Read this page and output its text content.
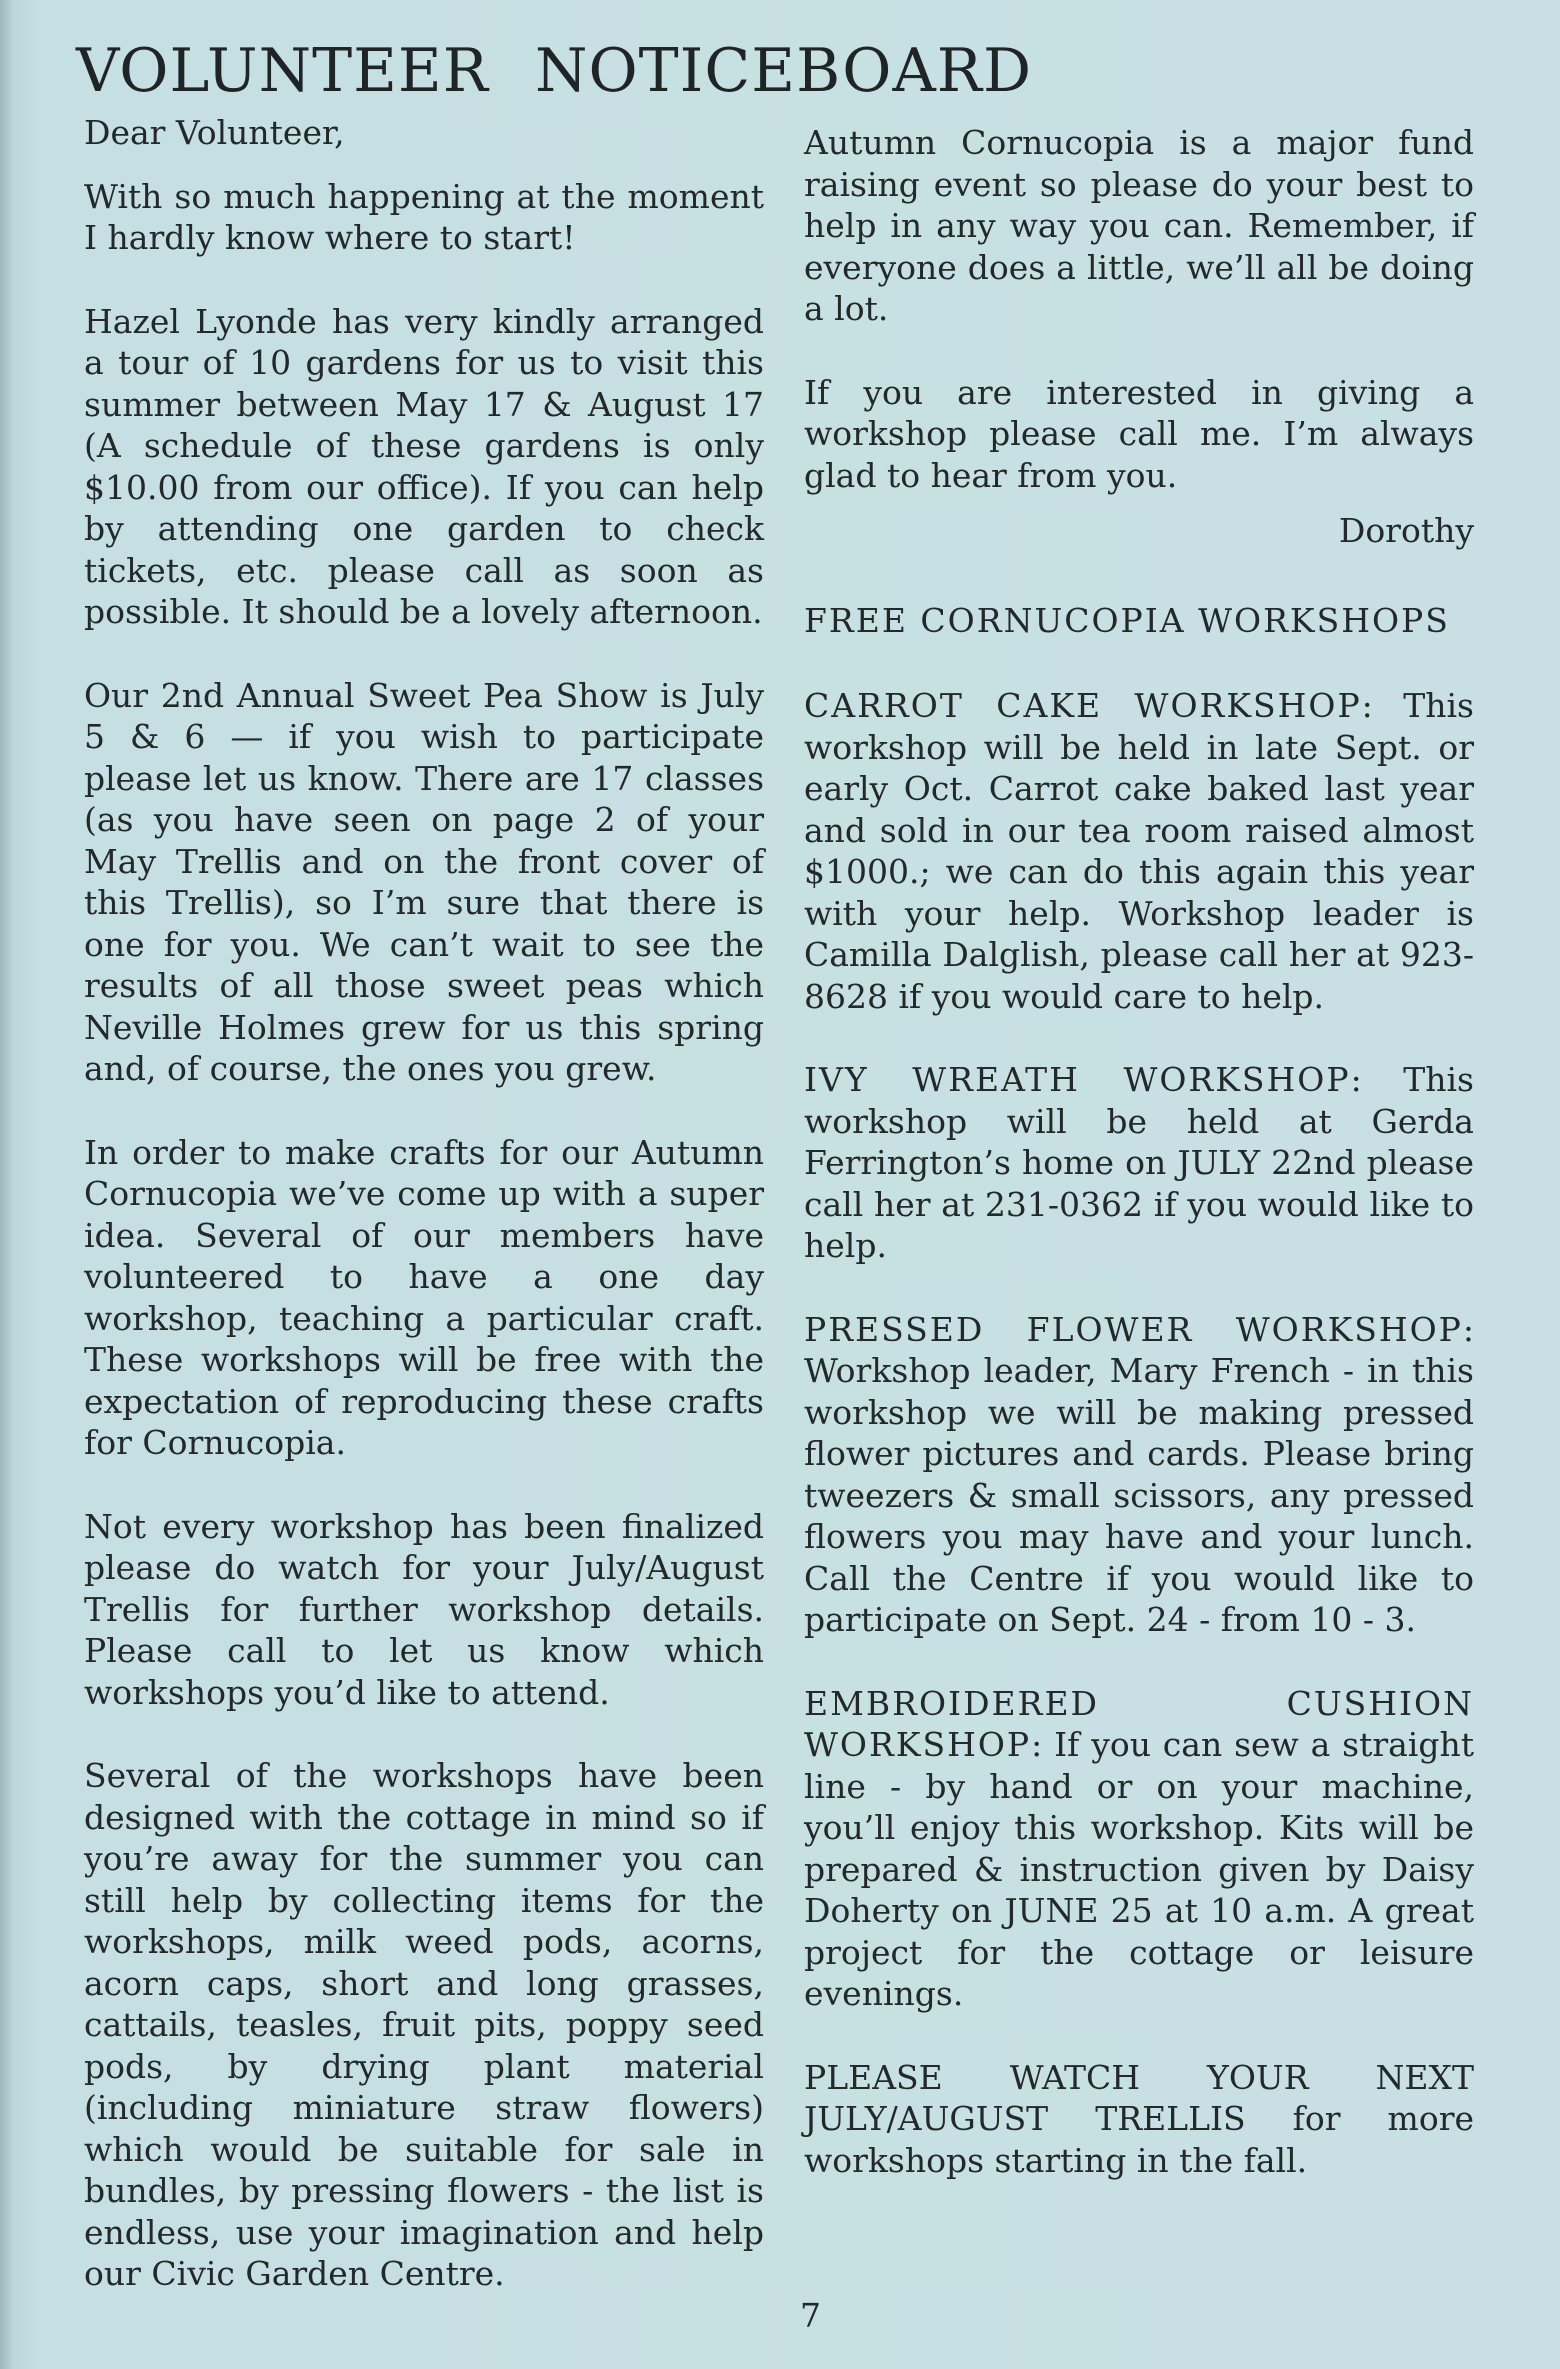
VOLUNTEER NOTICEBOARD

Dear Volunteer,

With so much happening at the moment I hardly know where to start!

Hazel Lyonde has very kindly arranged a tour of 10 gardens for us to visit this summer between May 17 & August 17 (A schedule of these gardens is only $10.00 from our office). If you can help by attending one garden to check tickets, etc. please call as soon as possible. It should be a lovely afternoon.

Our 2nd Annual Sweet Pea Show is July 5 & 6 — if you wish to participate please let us know. There are 17 classes (as you have seen on page 2 of your May Trellis and on the front cover of this Trellis), so I’m sure that there is one for you. We can’t wait to see the results of all those sweet peas which Neville Holmes grew for us this spring and, of course, the ones you grew.

In order to make crafts for our Autumn Cornucopia we’ve come up with a super idea. Several of our members have volunteered to have a one day workshop, teaching a particular craft. These workshops will be free with the expectation of reproducing these crafts for Cornucopia.

Not every workshop has been finalized please do watch for your July/August Trellis for further workshop details. Please call to let us know which workshops you’d like to attend.

Several of the workshops have been designed with the cottage in mind so if you’re away for the summer you can still help by collecting items for the workshops, milk weed pods, acorns, acorn caps, short and long grasses, cattails, teasles, fruit pits, poppy seed pods, by drying plant material (including miniature straw flowers) which would be suitable for sale in bundles, by pressing flowers - the list is endless, use your imagination and help our Civic Garden Centre.

Autumn Cornucopia is a major fund raising event so please do your best to help in any way you can. Remember, if everyone does a little, we’ll all be doing a lot.

If you are interested in giving a workshop please call me. I’m always glad to hear from you.

Dorothy

FREE CORNUCOPIA WORKSHOPS

CARROT CAKE WORKSHOP: This workshop will be held in late Sept. or early Oct. Carrot cake baked last year and sold in our tea room raised almost $1000.; we can do this again this year with your help. Workshop leader is Camilla Dalglish, please call her at 923-8628 if you would care to help.

IVY WREATH WORKSHOP: This workshop will be held at Gerda Ferrington’s home on JULY 22nd please call her at 231-0362 if you would like to help.

PRESSED FLOWER WORKSHOP: Workshop leader, Mary French - in this workshop we will be making pressed flower pictures and cards. Please bring tweezers & small scissors, any pressed flowers you may have and your lunch. Call the Centre if you would like to participate on Sept. 24 - from 10 - 3.

EMBROIDERED CUSHION WORKSHOP: If you can sew a straight line - by hand or on your machine, you’ll enjoy this workshop. Kits will be prepared & instruction given by Daisy Doherty on JUNE 25 at 10 a.m. A great project for the cottage or leisure evenings.

PLEASE WATCH YOUR NEXT JULY/AUGUST TRELLIS for more workshops starting in the fall.

7
